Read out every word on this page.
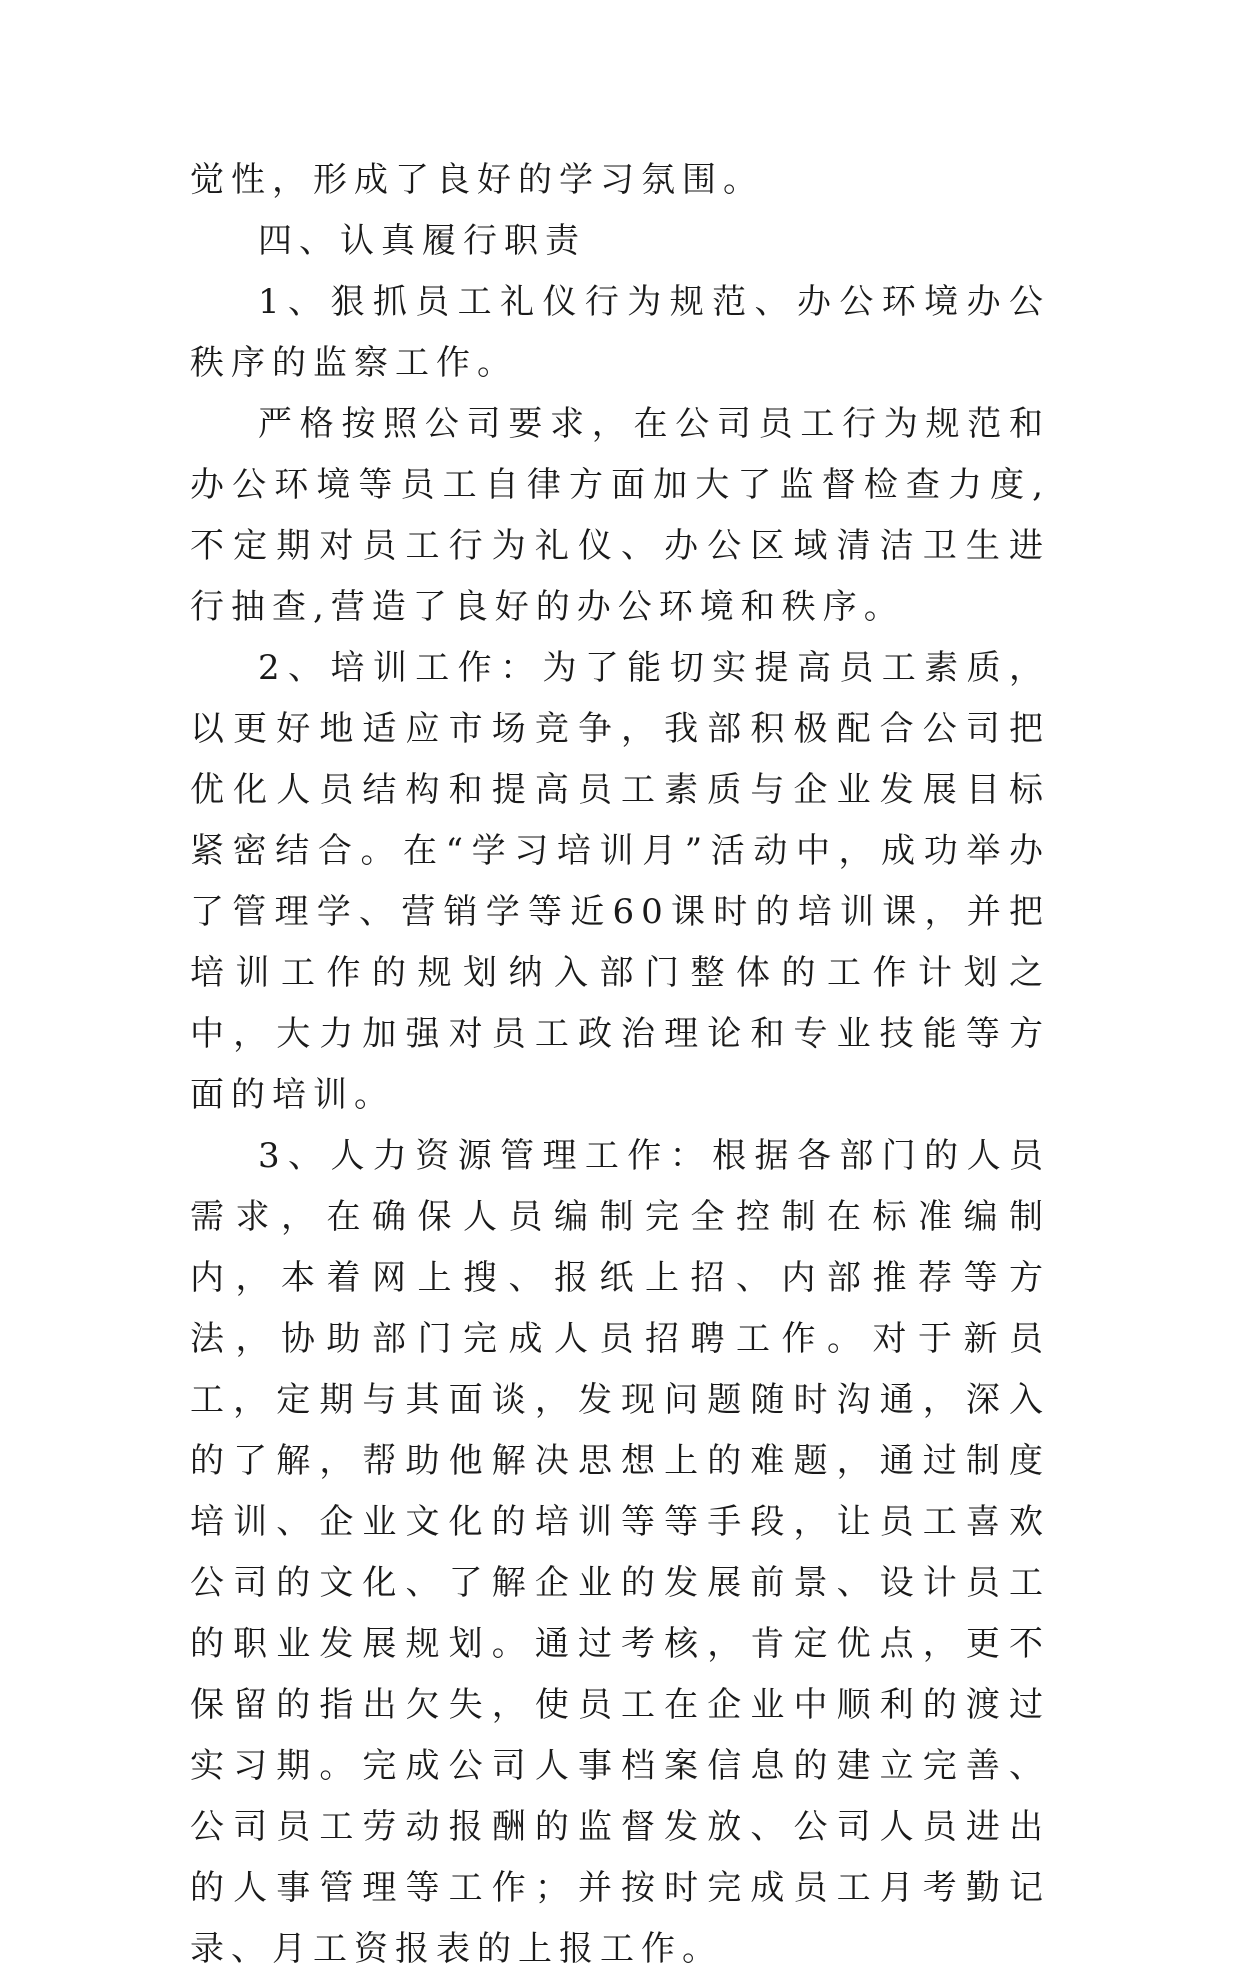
觉性，形成了良好的学习氛围。

四、认真履行职责

1、狠抓员工礼仪行为规范、办公环境办公秩序的监察工作。

严格按照公司要求，在公司员工行为规范和办公环境等员工自律方面加大了监督检查力度,不定期对员工行为礼仪、办公区域清洁卫生进行抽查,营造了良好的办公环境和秩序。

2、培训工作：为了能切实提高员工素质，以更好地适应市场竞争，我部积极配合公司把优化人员结构和提高员工素质与企业发展目标紧密结合。在“学习培训月”活动中，成功举办了管理学、营销学等近60课时的培训课，并把培训工作的规划纳入部门整体的工作计划之中，大力加强对员工政治理论和专业技能等方面的培训。

3、人力资源管理工作：根据各部门的人员需求，在确保人员编制完全控制在标准编制内，本着网上搜、报纸上招、内部推荐等方法，协助部门完成人员招聘工作。对于新员工，定期与其面谈，发现问题随时沟通，深入的了解，帮助他解决思想上的难题，通过制度培训、企业文化的培训等等手段，让员工喜欢公司的文化、了解企业的发展前景、设计员工的职业发展规划。通过考核，肯定优点，更不保留的指出欠失，使员工在企业中顺利的渡过实习期。完成公司人事档案信息的建立完善、公司员工劳动报酬的监督发放、公司人员进出的人事管理等工作；并按时完成员工月考勤记录、月工资报表的上报工作。
